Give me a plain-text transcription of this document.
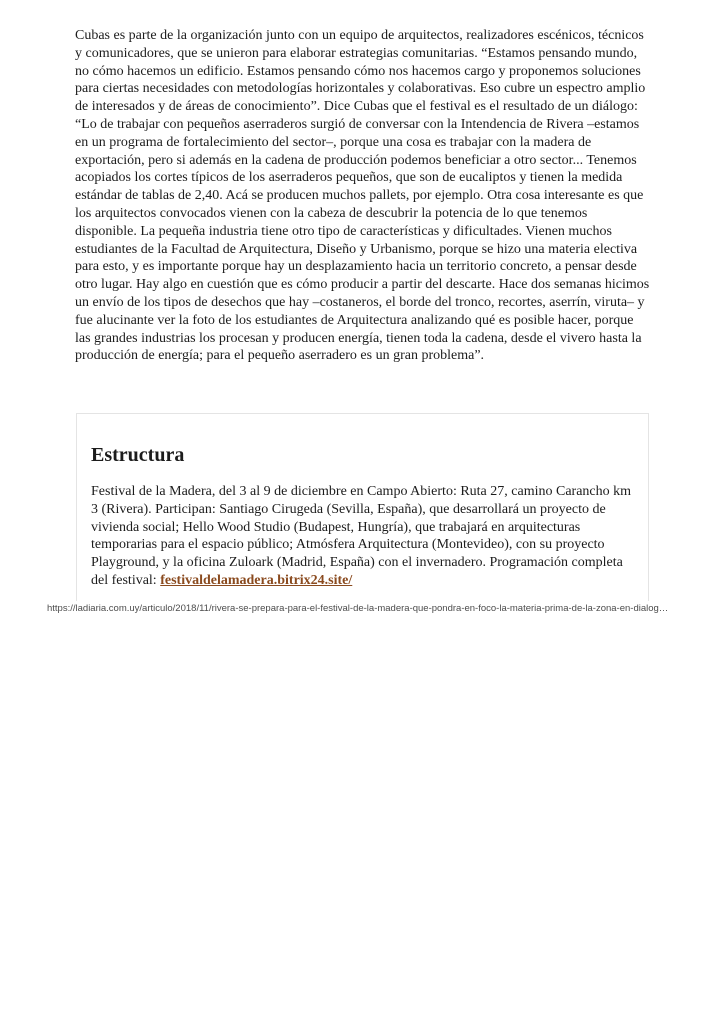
Cubas es parte de la organización junto con un equipo de arquitectos, realizadores escénicos, técnicos y comunicadores, que se unieron para elaborar estrategias comunitarias. “Estamos pensando mundo, no cómo hacemos un edificio. Estamos pensando cómo nos hacemos cargo y proponemos soluciones para ciertas necesidades con metodologías horizontales y colaborativas. Eso cubre un espectro amplio de interesados y de áreas de conocimiento”. Dice Cubas que el festival es el resultado de un diálogo: “Lo de trabajar con pequeños aserraderos surgió de conversar con la Intendencia de Rivera –estamos en un programa de fortalecimiento del sector–, porque una cosa es trabajar con la madera de exportación, pero si además en la cadena de producción podemos beneficiar a otro sector... Tenemos acopiados los cortes típicos de los aserraderos pequeños, que son de eucaliptos y tienen la medida estándar de tablas de 2,40. Acá se producen muchos pallets, por ejemplo. Otra cosa interesante es que los arquitectos convocados vienen con la cabeza de descubrir la potencia de lo que tenemos disponible. La pequeña industria tiene otro tipo de características y dificultades. Vienen muchos estudiantes de la Facultad de Arquitectura, Diseño y Urbanismo, porque se hizo una materia electiva para esto, y es importante porque hay un desplazamiento hacia un territorio concreto, a pensar desde otro lugar. Hay algo en cuestión que es cómo producir a partir del descarte. Hace dos semanas hicimos un envío de los tipos de desechos que hay –costaneros, el borde del tronco, recortes, aserrín, viruta– y fue alucinante ver la foto de los estudiantes de Arquitectura analizando qué es posible hacer, porque las grandes industrias los procesan y producen energía, tienen toda la cadena, desde el vivero hasta la producción de energía; para el pequeño aserradero es un gran problema”.

Estructura

Festival de la Madera, del 3 al 9 de diciembre en Campo Abierto: Ruta 27, camino Carancho km 3 (Rivera). Participan: Santiago Cirugeda (Sevilla, España), que desarrollará un proyecto de vivienda social; Hello Wood Studio (Budapest, Hungría), que trabajará en arquitecturas temporarias para el espacio público; Atmósfera Arquitectura (Montevideo), con su proyecto Playground, y la oficina Zuloark (Madrid, España) con el invernadero. Programación completa del festival: festivaldelamadera.bitrix24.site/

https://ladiaria.com.uy/articulo/2018/11/rivera-se-prepara-para-el-festival-de-la-madera-que-pondra-en-foco-la-materia-prima-de-la-zona-en-dialog…
